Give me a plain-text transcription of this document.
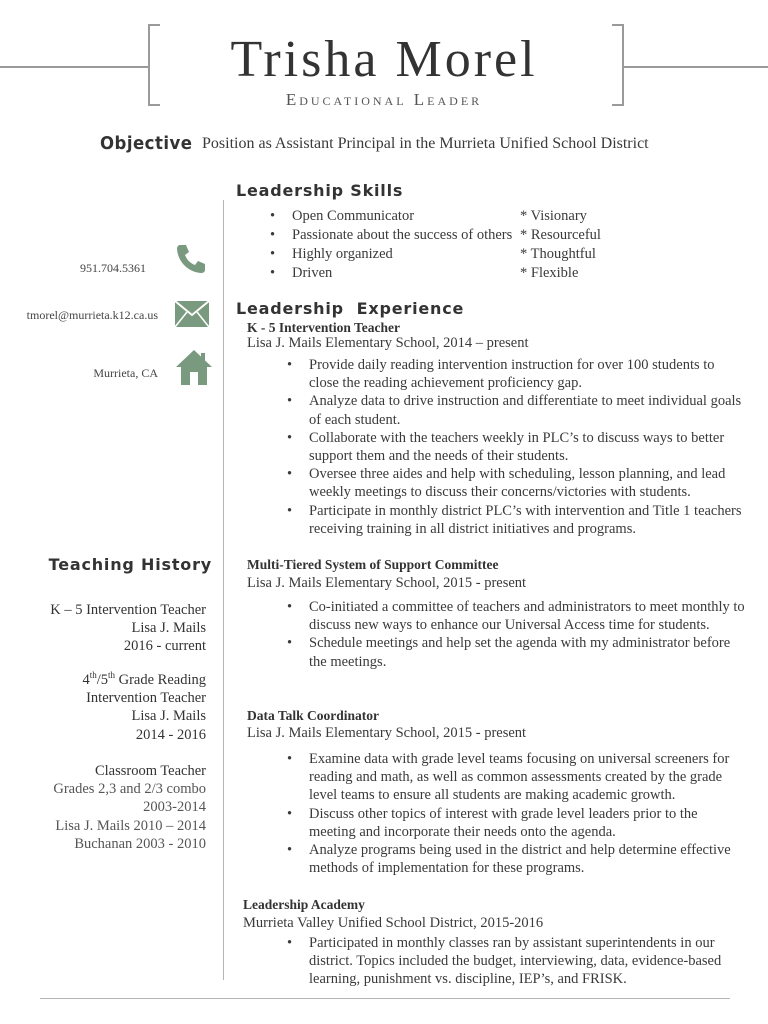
Trisha Morel
Educational Leader
Objective Position as Assistant Principal in the Murrieta Unified School District
Leadership Skills
• Open Communicator	* Visionary
• Passionate about the success of others * Resourceful
• Highly organized	* Thoughtful
• Driven	* Flexible
951.704.5361
tmorel@murrieta.k12.ca.us
Murrieta, CA
Leadership  Experience
K - 5 Intervention Teacher
Lisa J. Mails Elementary School, 2014 – present
• Provide daily reading intervention instruction for over 100 students to close the reading achievement proficiency gap.
• Analyze data to drive instruction and differentiate to meet individual goals of each student.
• Collaborate with the teachers weekly in PLC’s to discuss ways to better support them and the needs of their students.
• Oversee three aides and help with scheduling, lesson planning, and lead weekly meetings to discuss their concerns/victories with students.
• Participate in monthly district PLC’s with intervention and Title 1 teachers receiving training in all district initiatives and programs.
Multi-Tiered System of Support Committee
Lisa J. Mails Elementary School, 2015 - present
• Co-initiated a committee of teachers and administrators to meet monthly to discuss new ways to enhance our Universal Access time for students.
• Schedule meetings and help set the agenda with my administrator before the meetings.
Data Talk Coordinator
Lisa J. Mails Elementary School, 2015 - present
• Examine data with grade level teams focusing on universal screeners for reading and math, as well as common assessments created by the grade level teams to ensure all students are making academic growth.
• Discuss other topics of interest with grade level leaders prior to the meeting and incorporate their needs onto the agenda.
• Analyze programs being used in the district and help determine effective methods of implementation for these programs.
Leadership Academy
Murrieta Valley Unified School District, 2015-2016
• Participated in monthly classes ran by assistant superintendents in our district. Topics included the budget, interviewing, data, evidence-based learning, punishment vs. discipline, IEP’s, and FRISK.
Teaching History
K – 5 Intervention Teacher
Lisa J. Mails
2016 - current
4th/5th Grade Reading
Intervention Teacher
Lisa J. Mails
2014 - 2016
Classroom Teacher
Grades 2,3 and 2/3 combo
2003-2014
Lisa J. Mails 2010 – 2014
Buchanan 2003 - 2010
